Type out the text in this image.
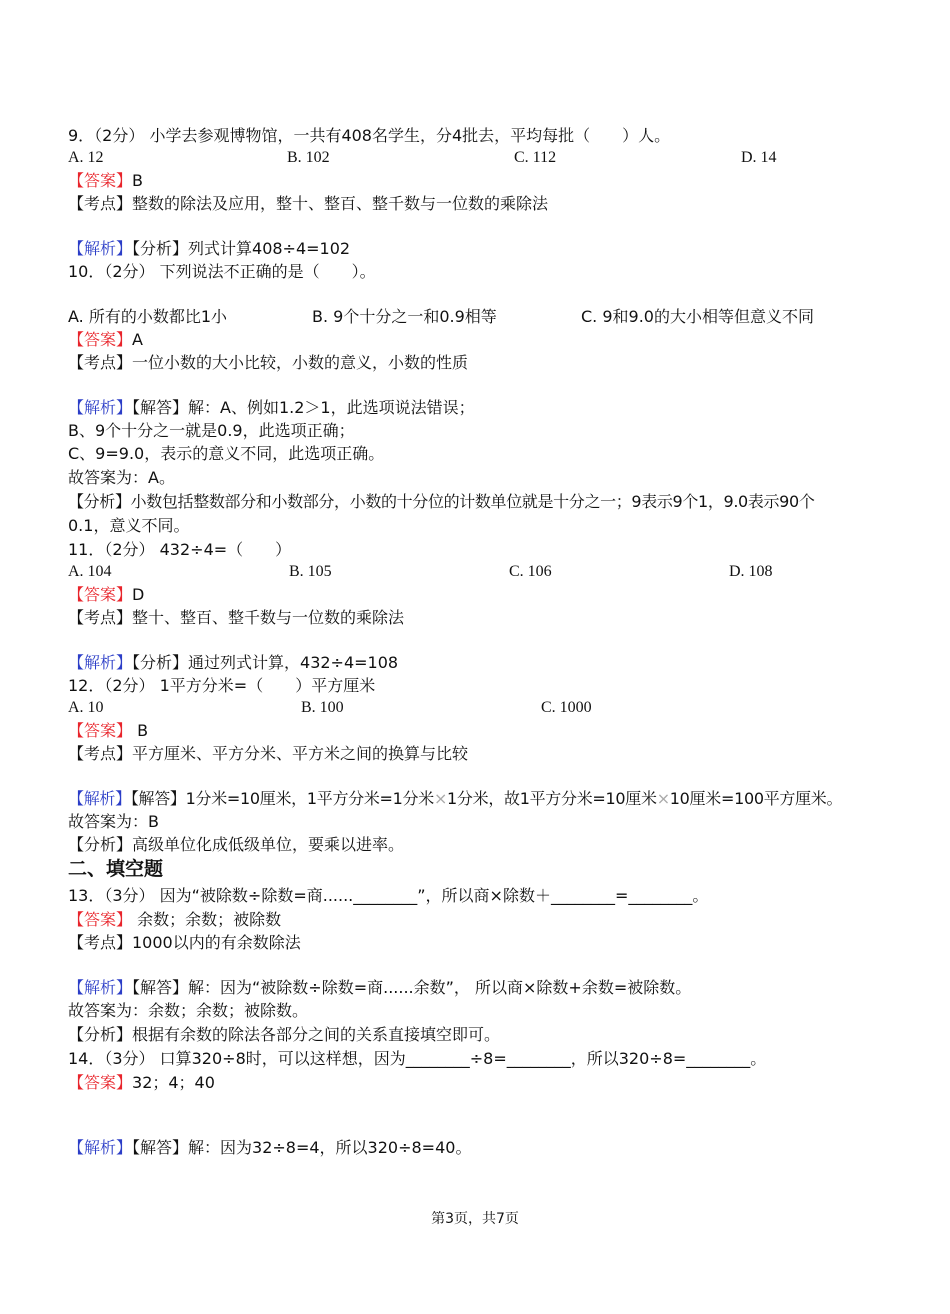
9．（2分） 小学去参观博物馆，一共有408名学生，分4批去，平均每批（　　）人。
A. 12	B. 102	C. 112	D. 14
【答案】B
【考点】整数的除法及应用，整十、整百、整千数与一位数的乘除法
【解析】【分析】列式计算408÷4=102
10．（2分） 下列说法不正确的是（　　）。
A. 所有的小数都比1小	B. 9个十分之一和0.9相等	C. 9和9.0的大小相等但意义不同
【答案】A
【考点】一位小数的大小比较，小数的意义，小数的性质
【解析】【解答】解：A、例如1.2＞1，此选项说法错误；
B、9个十分之一就是0.9，此选项正确；
C、9=9.0，表示的意义不同，此选项正确。
故答案为：A。
【分析】小数包括整数部分和小数部分，小数的十分位的计数单位就是十分之一；9表示9个1，9.0表示90个
0.1，意义不同。
11．（2分） 432÷4=（　　）
A. 104	B. 105	C. 106	D. 108
【答案】D
【考点】整十、整百、整千数与一位数的乘除法
【解析】【分析】通过列式计算，432÷4=108
12．（2分） 1平方分米=（　　）平方厘米
A. 10	B. 100	C. 1000
【答案】 B
【考点】平方厘米、平方分米、平方米之间的换算与比较
【解析】【解答】1分米=10厘米，1平方分米=1分米×1分米，故1平方分米=10厘米×10厘米=100平方厘米。
故答案为：B
【分析】高级单位化成低级单位，要乘以进率。
二、填空题
13．（3分） 因为“被除数÷除数=商......________”，所以商×除数＋________=________。
【答案】 余数；余数；被除数
【考点】1000以内的有余数除法
【解析】【解答】解：因为“被除数÷除数=商......余数”， 所以商×除数+余数=被除数。
故答案为：余数；余数；被除数。
【分析】根据有余数的除法各部分之间的关系直接填空即可。
14．（3分） 口算320÷8时，可以这样想，因为________÷8=________，所以320÷8=________。
【答案】32；4；40
【解析】【解答】解：因为32÷8=4，所以320÷8=40。
第3页，共7页
